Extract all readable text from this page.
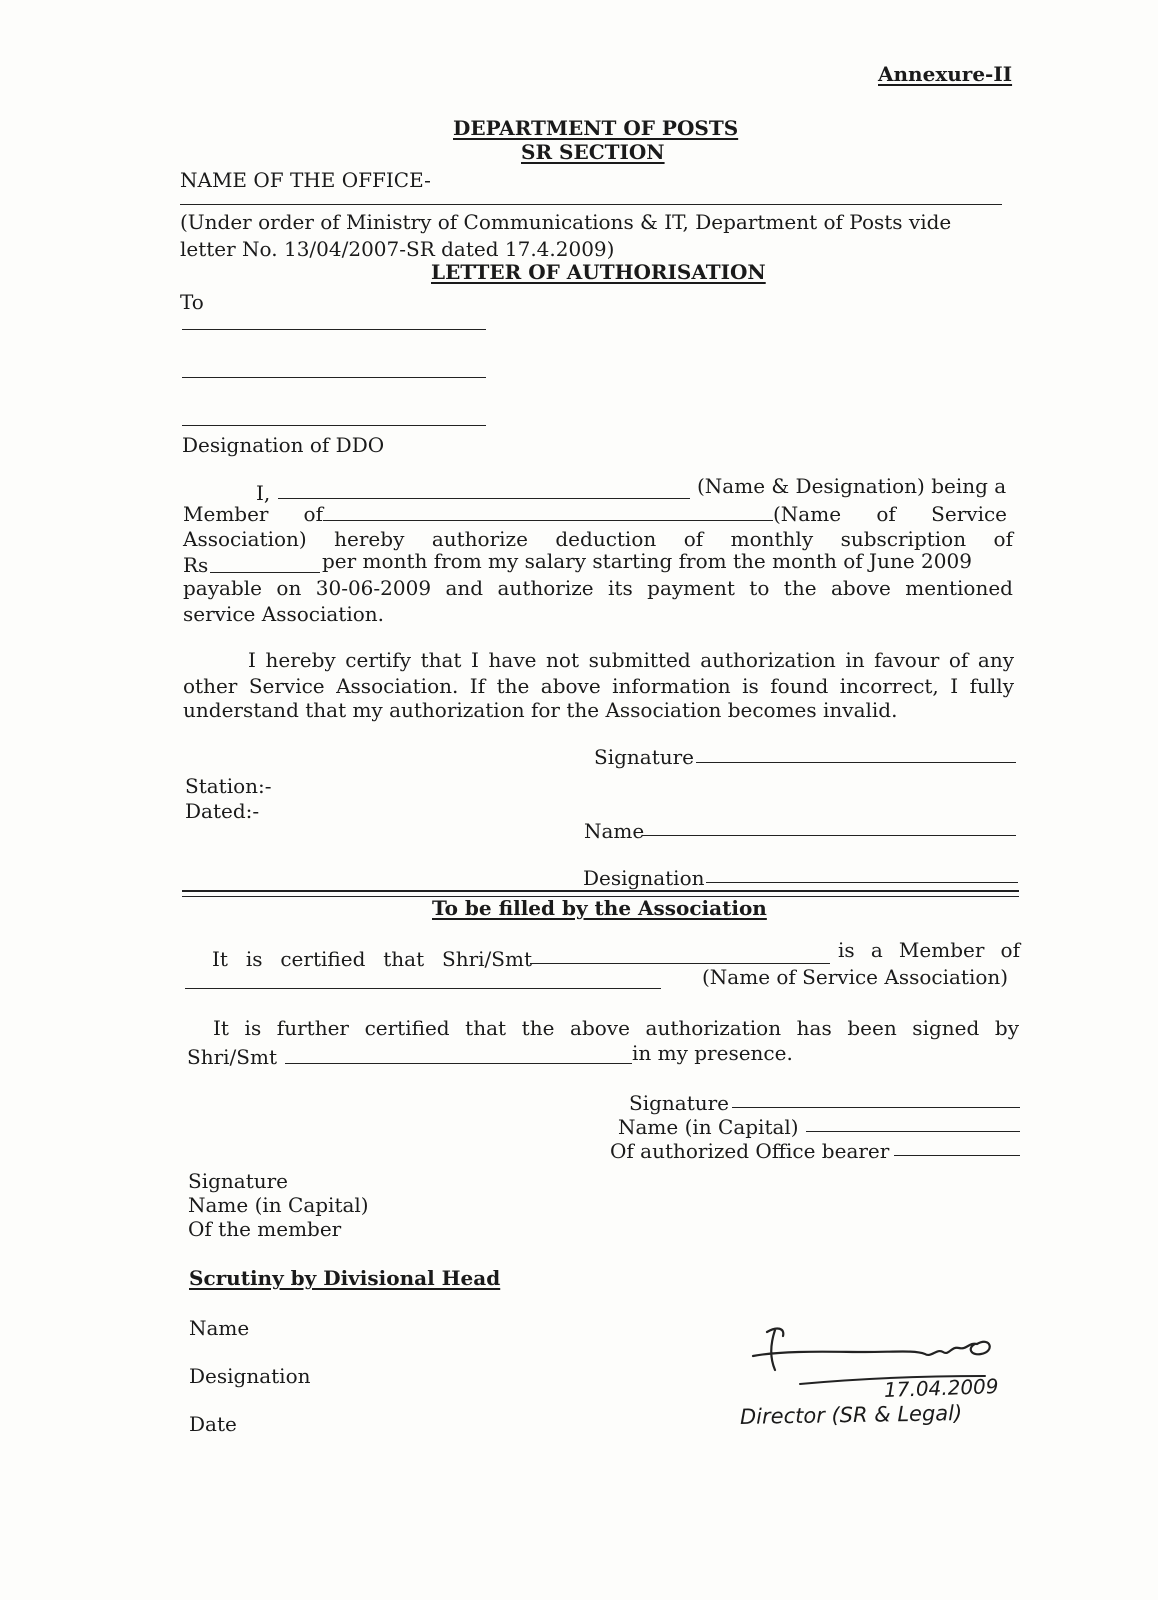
Annexure-II
DEPARTMENT OF POSTS
SR SECTION
NAME OF THE OFFICE-
(Under order of Ministry of Communications & IT, Department of Posts vide
letter No. 13/04/2007-SR dated 17.4.2009)
LETTER OF AUTHORISATION
To
Designation of DDO
I,	(Name & Designation) being a
Member of	(Name of Service
Association) hereby authorize deduction of monthly subscription of
Rs	per month from my salary starting from the month of June 2009
payable on 30-06-2009 and authorize its payment to the above mentioned
service Association.
I hereby certify that I have not submitted authorization in favour of any
other Service Association. If the above information is found incorrect, I fully
understand that my authorization for the Association becomes invalid.
Signature
Station:-
Dated:-
Name
Designation
To be filled by the Association
It is certified that Shri/Smt	is a Member of
(Name of Service Association)
It is further certified that the above authorization has been signed by
Shri/Smt	in my presence.
Signature
Name (in Capital)
Of authorized Office bearer
Signature
Name (in Capital)
Of the member
Scrutiny by Divisional Head
Name
Designation
Date
17.04.2009
Director (SR & Legal)
